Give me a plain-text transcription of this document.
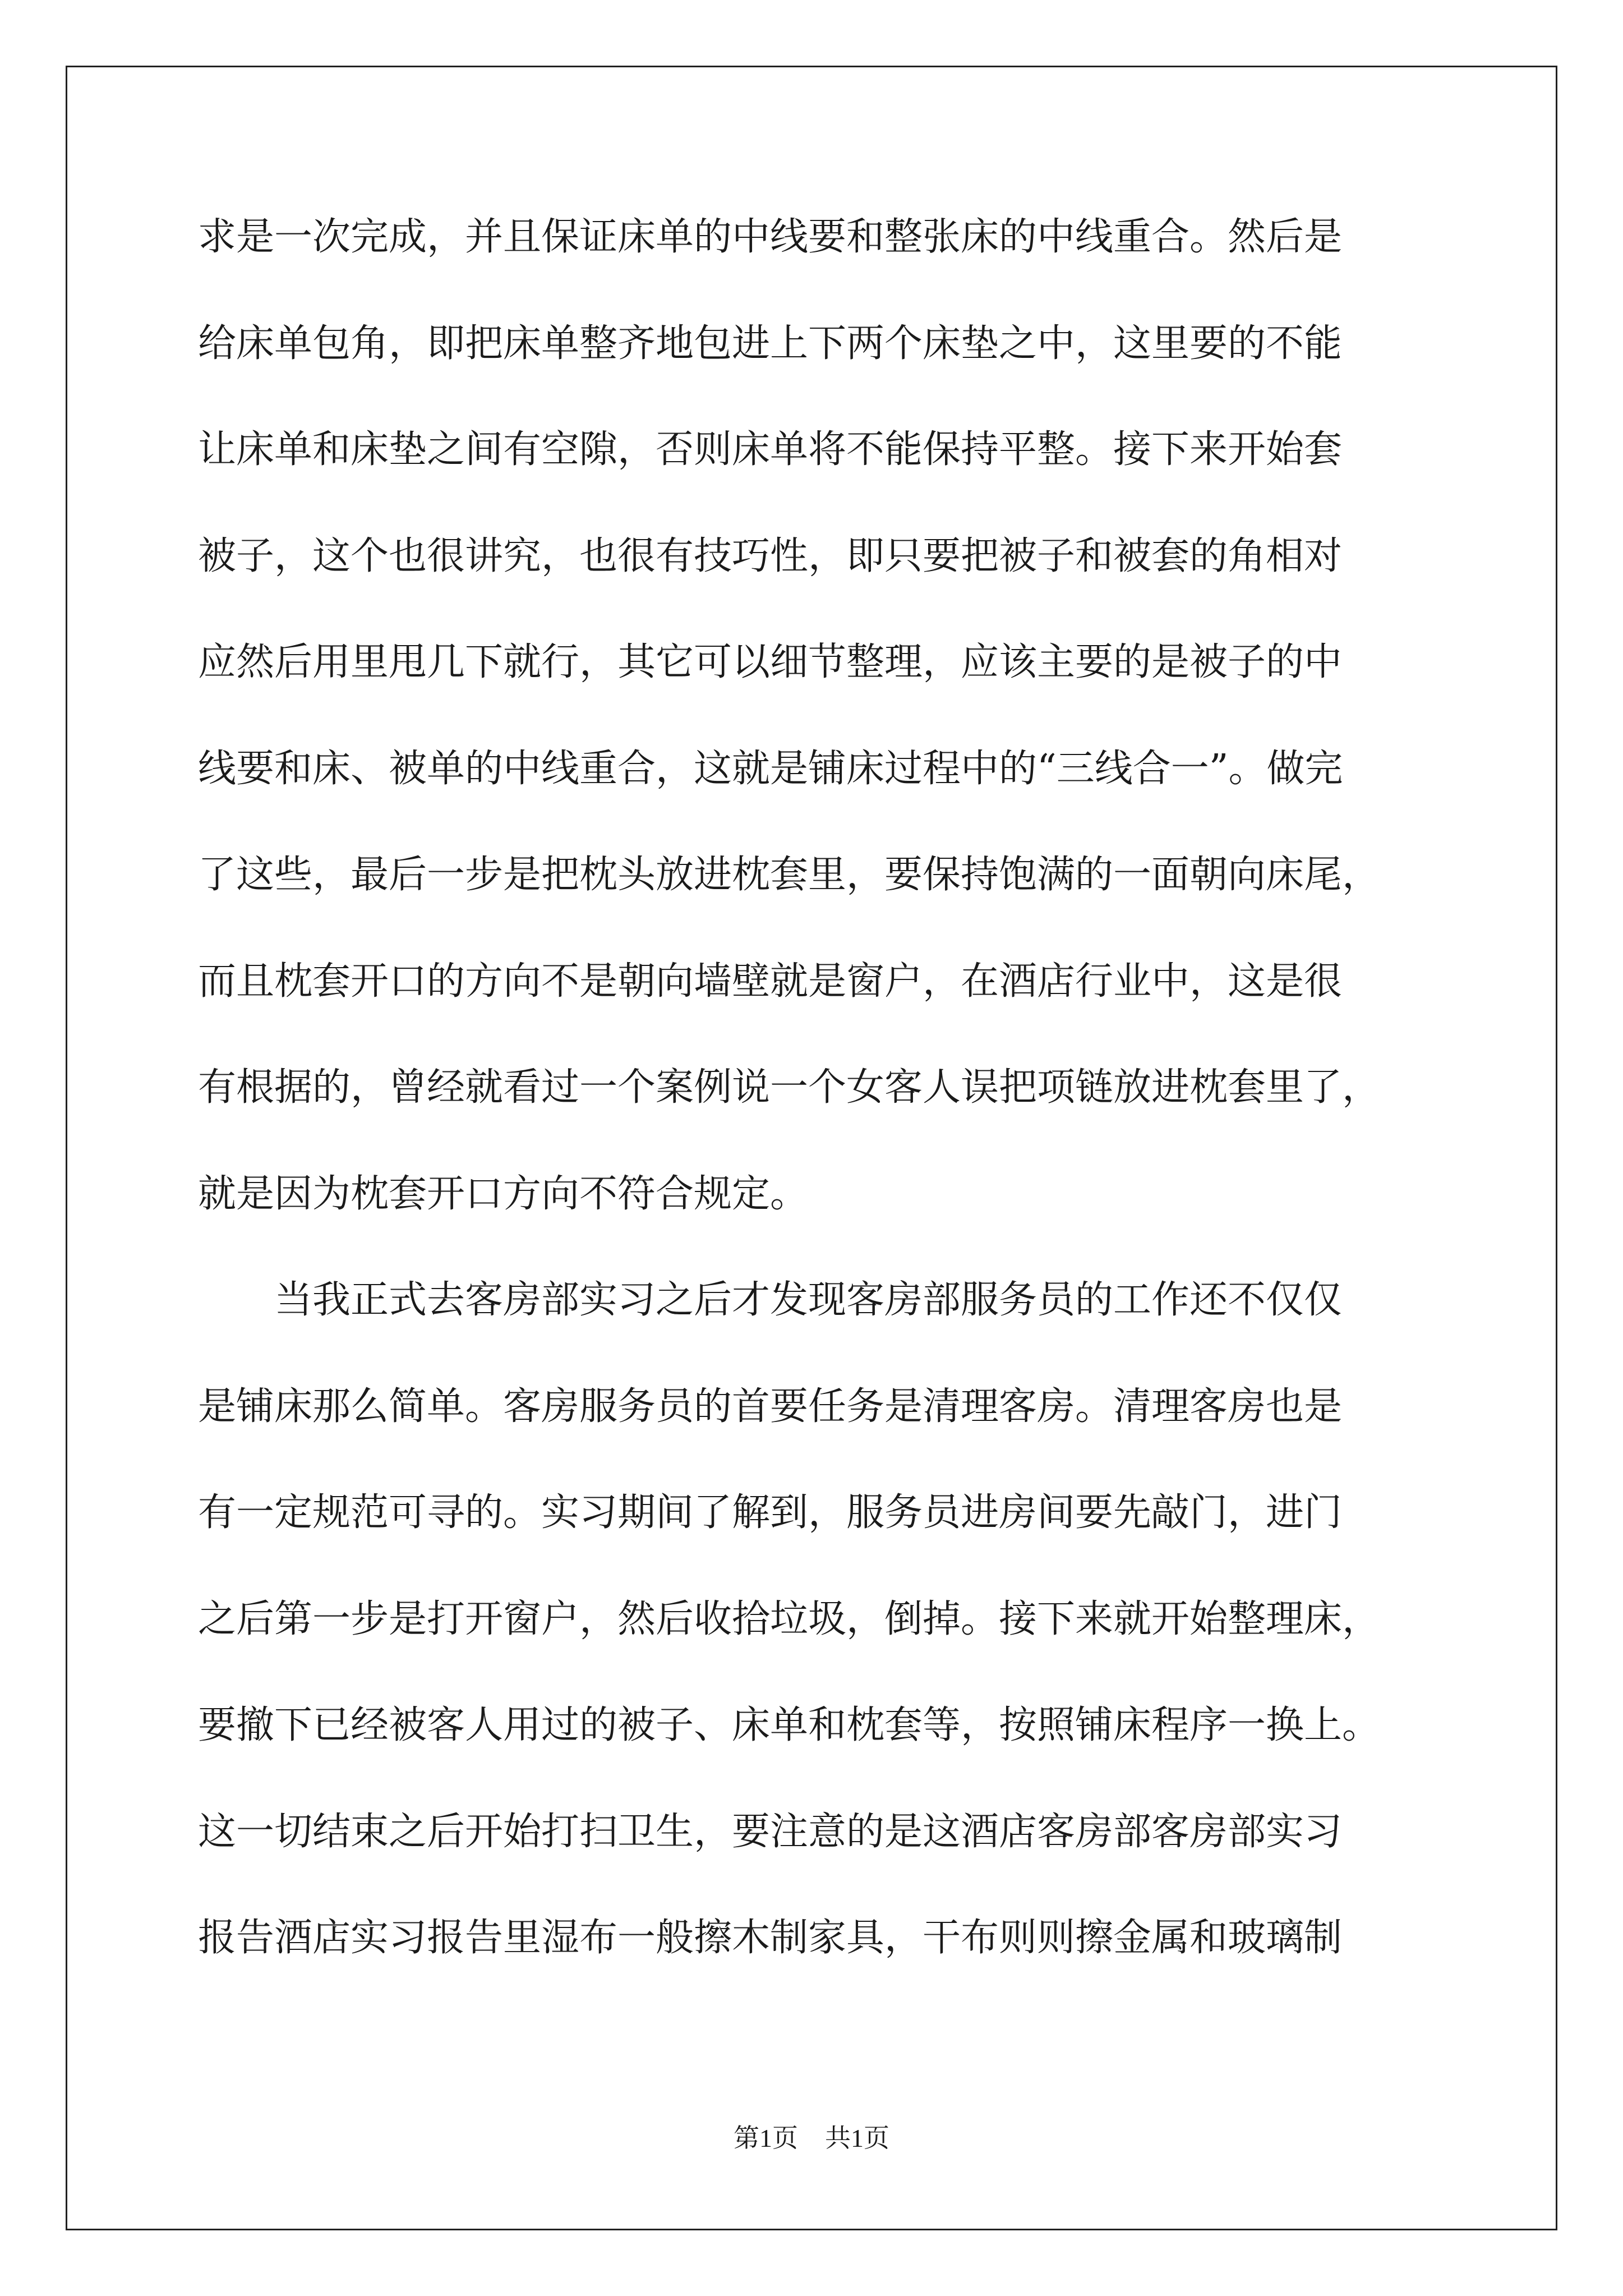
求是一次完成，并且保证床单的中线要和整张床的中线重合。然后是
给床单包角，即把床单整齐地包进上下两个床垫之中，这里要的不能
让床单和床垫之间有空隙，否则床单将不能保持平整。接下来开始套
被子，这个也很讲究，也很有技巧性，即只要把被子和被套的角相对
应然后用里甩几下就行，其它可以细节整理，应该主要的是被子的中
线要和床、被单的中线重合，这就是铺床过程中的“三线合一”。做完
了这些，最后一步是把枕头放进枕套里，要保持饱满的一面朝向床尾，
而且枕套开口的方向不是朝向墙壁就是窗户，在酒店行业中，这是很
有根据的，曾经就看过一个案例说一个女客人误把项链放进枕套里了，
就是因为枕套开口方向不符合规定。
当我正式去客房部实习之后才发现客房部服务员的工作还不仅仅
是铺床那么简单。客房服务员的首要任务是清理客房。清理客房也是
有一定规范可寻的。实习期间了解到，服务员进房间要先敲门，进门
之后第一步是打开窗户，然后收拾垃圾，倒掉。接下来就开始整理床，
要撤下已经被客人用过的被子、床单和枕套等，按照铺床程序一换上。
这一切结束之后开始打扫卫生，要注意的是这酒店客房部客房部实习
报告酒店实习报告里湿布一般擦木制家具，干布则则擦金属和玻璃制
第1页 共1页
